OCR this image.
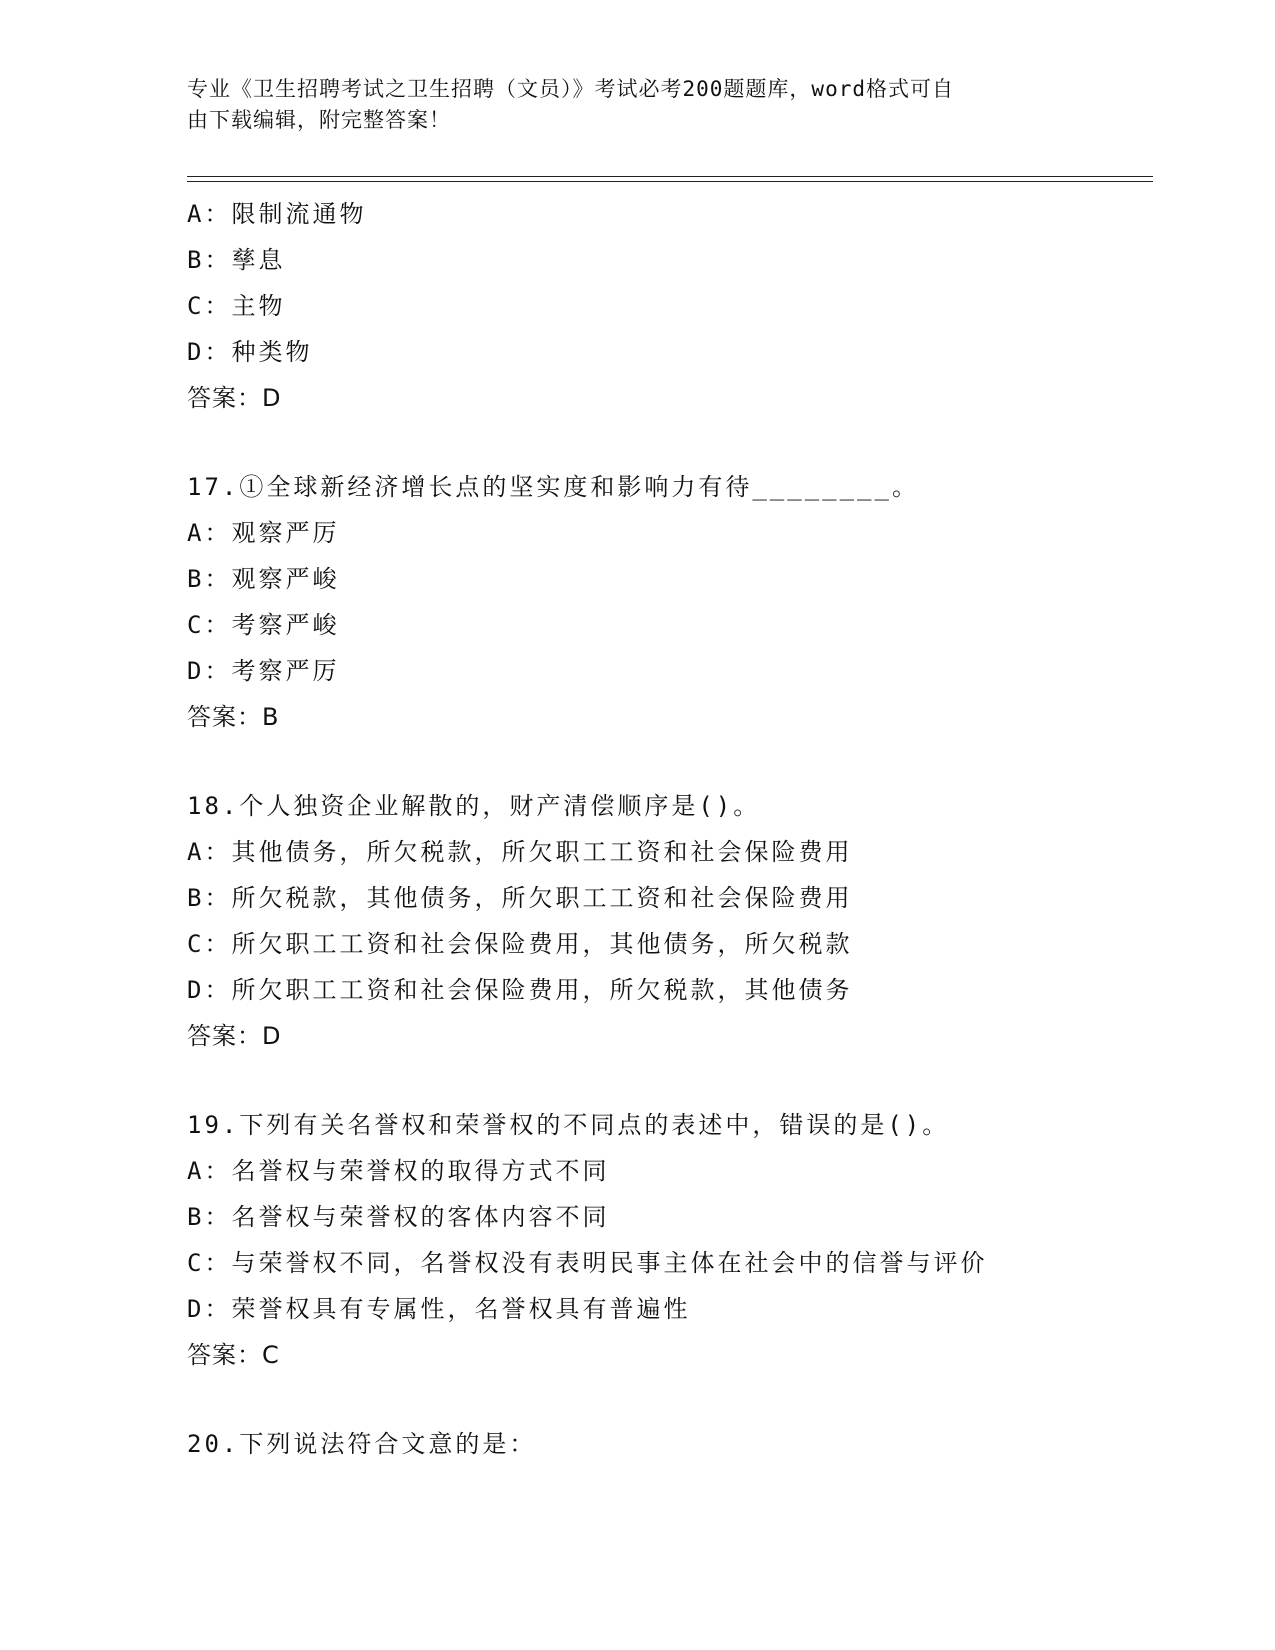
专业《卫生招聘考试之卫生招聘（文员）》考试必考200题题库，word格式可自
由下载编辑，附完整答案！
A：限制流通物
B：孳息
C：主物
D：种类物
答案：D
17.①全球新经济增长点的坚实度和影响力有待________。
A：观察严厉
B：观察严峻
C：考察严峻
D：考察严厉
答案：B
18.个人独资企业解散的，财产清偿顺序是()。
A：其他债务，所欠税款，所欠职工工资和社会保险费用
B：所欠税款，其他债务，所欠职工工资和社会保险费用
C：所欠职工工资和社会保险费用，其他债务，所欠税款
D：所欠职工工资和社会保险费用，所欠税款，其他债务
答案：D
19.下列有关名誉权和荣誉权的不同点的表述中，错误的是()。
A：名誉权与荣誉权的取得方式不同
B：名誉权与荣誉权的客体内容不同
C：与荣誉权不同，名誉权没有表明民事主体在社会中的信誉与评价
D：荣誉权具有专属性，名誉权具有普遍性
答案：C
20.下列说法符合文意的是：
